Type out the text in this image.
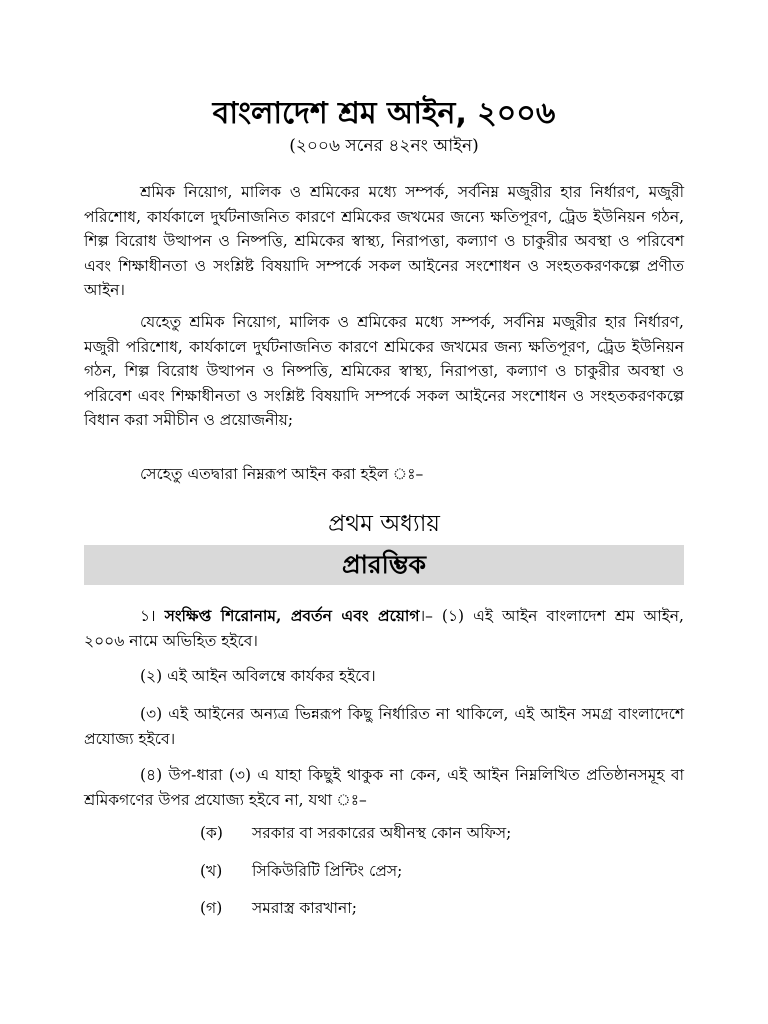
বাংলাদেশ শ্রম আইন, ২০০৬
(২০০৬ সনের ৪২নং আইন)

শ্রমিক নিয়োগ, মালিক ও শ্রমিকের মধ্যে সম্পর্ক, সর্বনিম্ন মজুরীর হার নির্ধারণ, মজুরী পরিশোধ, কার্যকালে দুর্ঘটনাজনিত কারণে শ্রমিকের জখমের জন্যে ক্ষতিপূরণ, ট্রেড ইউনিয়ন গঠন, শিল্প বিরোধ উত্থাপন ও নিষ্পত্তি, শ্রমিকের স্বাস্থ্য, নিরাপত্তা, কল্যাণ ও চাকুরীর অবস্থা ও পরিবেশ এবং শিক্ষাধীনতা ও সংশ্লিষ্ট বিষয়াদি সম্পর্কে সকল আইনের সংশোধন ও সংহতকরণকল্পে প্রণীত আইন।

যেহেতু শ্রমিক নিয়োগ, মালিক ও শ্রমিকের মধ্যে সম্পর্ক, সর্বনিম্ন মজুরীর হার নির্ধারণ, মজুরী পরিশোধ, কার্যকালে দুর্ঘটনাজনিত কারণে শ্রমিকের জখমের জন্য ক্ষতিপূরণ, ট্রেড ইউনিয়ন গঠন, শিল্প বিরোধ উত্থাপন ও নিষ্পত্তি, শ্রমিকের স্বাস্থ্য, নিরাপত্তা, কল্যাণ ও চাকুরীর অবস্থা ও পরিবেশ এবং শিক্ষাধীনতা ও সংশ্লিষ্ট বিষয়াদি সম্পর্কে সকল আইনের সংশোধন ও সংহতকরণকল্পে বিধান করা সমীচীন ও প্রয়োজনীয়;

সেহেতু এতদ্বারা নিম্নরূপ আইন করা হইল ঃ–

প্রথম অধ্যায়
প্রারম্ভিক

১। সংক্ষিপ্ত শিরোনাম, প্রবর্তন এবং প্রয়োগ।– (১) এই আইন বাংলাদেশ শ্রম আইন, ২০০৬ নামে অভিহিত হইবে।

(২) এই আইন অবিলম্বে কার্যকর হইবে।

(৩) এই আইনের অন্যত্র ভিন্নরূপ কিছু নির্ধারিত না থাকিলে, এই আইন সমগ্র বাংলাদেশে প্রযোজ্য হইবে।

(৪) উপ-ধারা (৩) এ যাহা কিছুই থাকুক না কেন, এই আইন নিম্নলিখিত প্রতিষ্ঠানসমূহ বা শ্রমিকগণের উপর প্রযোজ্য হইবে না, যথা ঃ–

(ক) সরকার বা সরকারের অধীনস্থ কোন অফিস;
(খ) সিকিউরিটি প্রিন্টিং প্রেস;
(গ) সমরাস্ত্র কারখানা;
